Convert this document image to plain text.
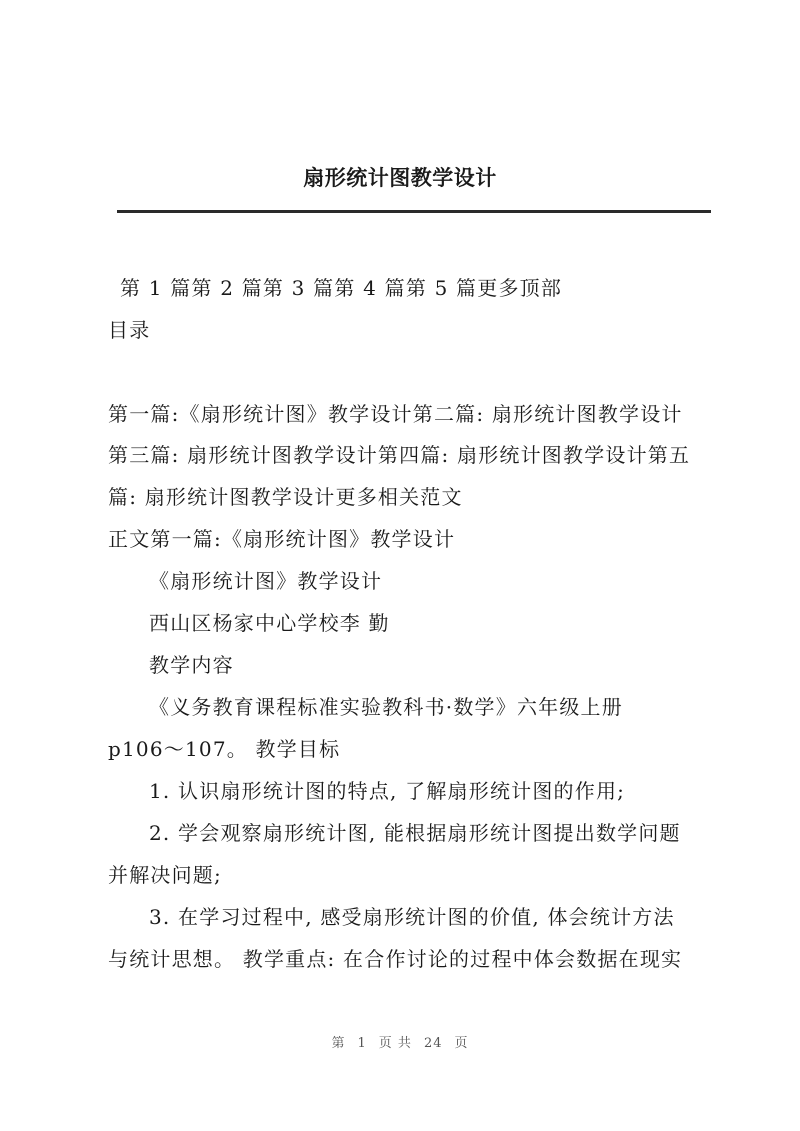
扇形统计图教学设计
第 1 篇第 2 篇第 3 篇第 4 篇第 5 篇更多顶部
目录
第一篇:《扇形统计图》教学设计第二篇: 扇形统计图教学设计
第三篇: 扇形统计图教学设计第四篇: 扇形统计图教学设计第五
篇: 扇形统计图教学设计更多相关范文
正文第一篇:《扇形统计图》教学设计
《扇形统计图》教学设计
西山区杨家中心学校李 勤
教学内容
《义务教育课程标准实验教科书·数学》六年级上册
p106～107。 教学目标
1. 认识扇形统计图的特点, 了解扇形统计图的作用;
2. 学会观察扇形统计图, 能根据扇形统计图提出数学问题
并解决问题;
3. 在学习过程中, 感受扇形统计图的价值, 体会统计方法
与统计思想。 教学重点: 在合作讨论的过程中体会数据在现实
第 1 页 共 24 页
